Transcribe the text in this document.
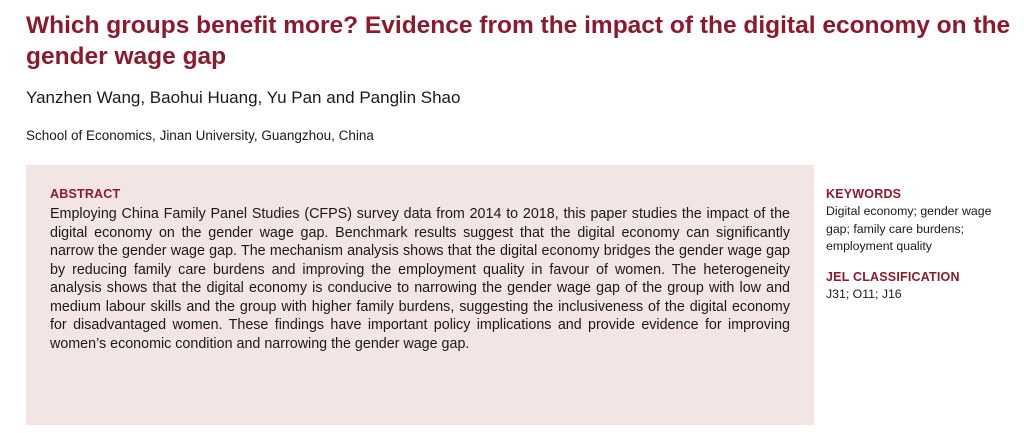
Which groups benefit more? Evidence from the impact of the digital economy on the gender wage gap

Yanzhen Wang, Baohui Huang, Yu Pan and Panglin Shao

School of Economics, Jinan University, Guangzhou, China

ABSTRACT

Employing China Family Panel Studies (CFPS) survey data from 2014 to 2018, this paper studies the impact of the digital economy on the gender wage gap. Benchmark results suggest that the digital economy can significantly narrow the gender wage gap. The mechanism analysis shows that the digital economy bridges the gender wage gap by reducing family care burdens and improving the employment quality in favour of women. The heterogeneity analysis shows that the digital economy is conducive to narrowing the gender wage gap of the group with low and medium labour skills and the group with higher family burdens, suggesting the inclusiveness of the digital economy for disadvantaged women. These findings have important policy implications and provide evidence for improving women’s economic condition and narrowing the gender wage gap.

KEYWORDS

Digital economy; gender wage gap; family care burdens; employment quality

JEL CLASSIFICATION

J31; O11; J16
